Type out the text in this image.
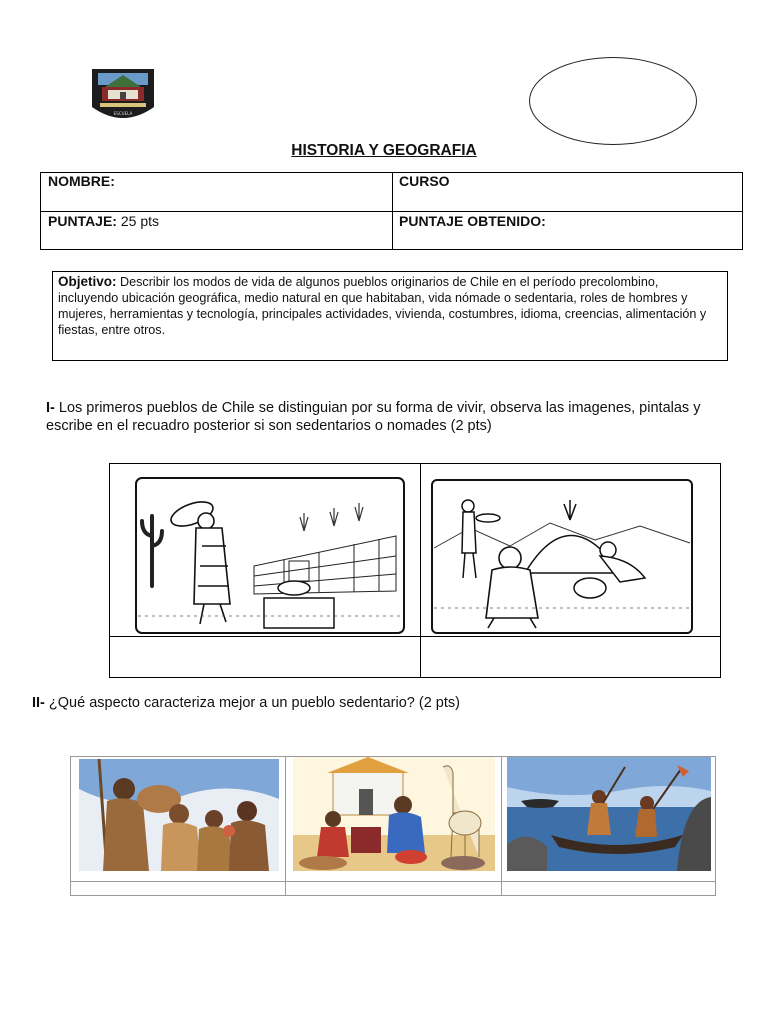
ESCUELA
HISTORIA Y GEOGRAFIA
NOMBRE:	CURSO
PUNTAJE: 25 pts	PUNTAJE OBTENIDO:
Objetivo: Describir los modos de vida de algunos pueblos originarios de Chile en el período precolombino,
incluyendo ubicación geográfica, medio natural en que habitaban, vida nómade o sedentaria, roles de hombres y mujeres, herramientas y tecnología, principales actividades, vivienda, costumbres, idioma, creencias, alimentación y fiestas, entre otros.
I- Los primeros pueblos de Chile se distinguian por su forma de vivir, observa las imagenes, pintalas y escribe en el recuadro posterior si son sedentarios o nomades (2 pts)
II- ¿Qué aspecto caracteriza mejor a un pueblo sedentario? (2 pts)
